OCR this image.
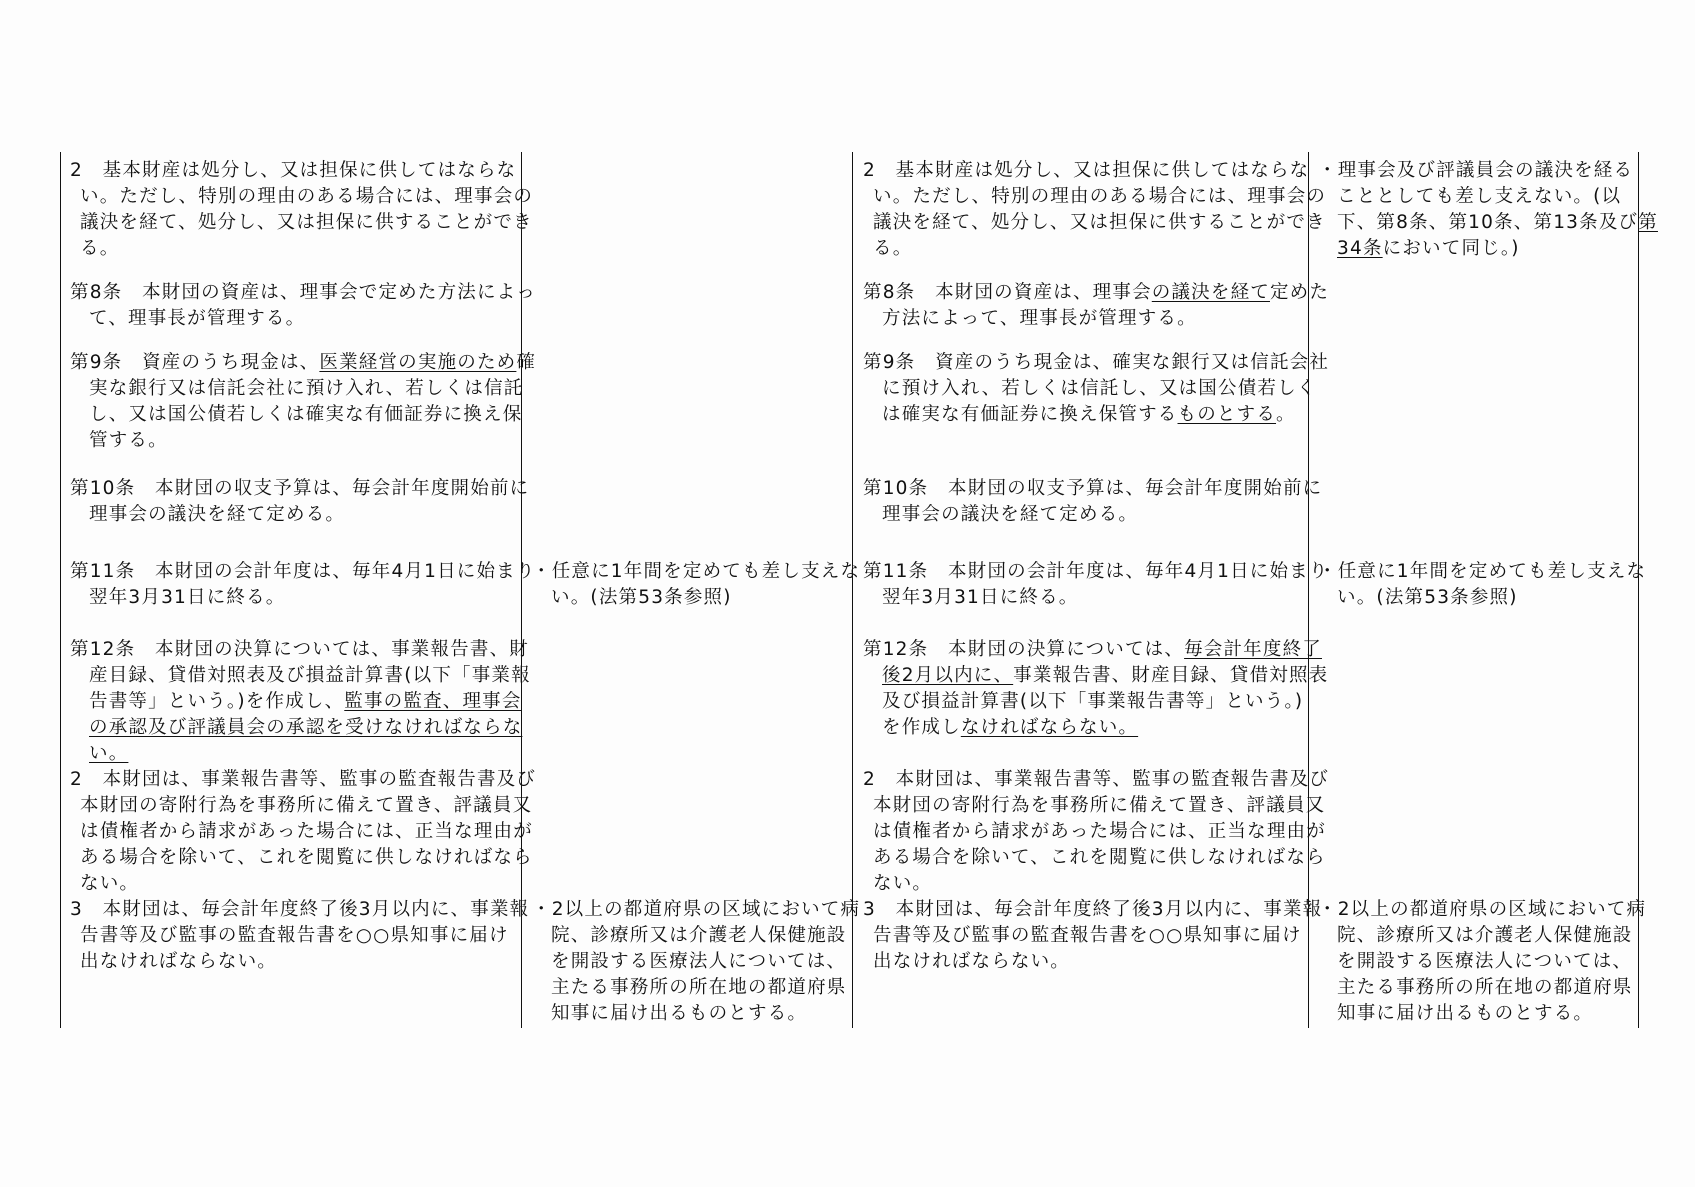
2　基本財産は処分し、又は担保に供してはならな
い。ただし、特別の理由のある場合には、理事会の
議決を経て、処分し、又は担保に供することができ
る。
第8条　本財団の資産は、理事会で定めた方法によっ
て、理事長が管理する。
第9条　資産のうち現金は、医業経営の実施のため確
実な銀行又は信託会社に預け入れ、若しくは信託
し、又は国公債若しくは確実な有価証券に換え保
管する。
第10条　本財団の収支予算は、毎会計年度開始前に
理事会の議決を経て定める。
第11条　本財団の会計年度は、毎年4月1日に始まり
翌年3月31日に終る。
第12条　本財団の決算については、事業報告書、財
産目録、貸借対照表及び損益計算書(以下「事業報
告書等」という。)を作成し、監事の監査、理事会
の承認及び評議員会の承認を受けなければならな
い。
2　本財団は、事業報告書等、監事の監査報告書及び
本財団の寄附行為を事務所に備えて置き、評議員又
は債権者から請求があった場合には、正当な理由が
ある場合を除いて、これを閲覧に供しなければなら
ない。
3　本財団は、毎会計年度終了後3月以内に、事業報
告書等及び監事の監査報告書を○○県知事に届け
出なければならない。
・任意に1年間を定めても差し支えな
い。(法第53条参照)
・2以上の都道府県の区域において病
院、診療所又は介護老人保健施設
を開設する医療法人については、
主たる事務所の所在地の都道府県
知事に届け出るものとする。
2　基本財産は処分し、又は担保に供してはならな
い。ただし、特別の理由のある場合には、理事会の
議決を経て、処分し、又は担保に供することができ
る。
第8条　本財団の資産は、理事会の議決を経て定めた
方法によって、理事長が管理する。
第9条　資産のうち現金は、確実な銀行又は信託会社
に預け入れ、若しくは信託し、又は国公債若しく
は確実な有価証券に換え保管するものとする。
第10条　本財団の収支予算は、毎会計年度開始前に
理事会の議決を経て定める。
第11条　本財団の会計年度は、毎年4月1日に始まり
翌年3月31日に終る。
第12条　本財団の決算については、毎会計年度終了
後2月以内に、事業報告書、財産目録、貸借対照表
及び損益計算書(以下「事業報告書等」という。)
を作成しなければならない。
2　本財団は、事業報告書等、監事の監査報告書及び
本財団の寄附行為を事務所に備えて置き、評議員又
は債権者から請求があった場合には、正当な理由が
ある場合を除いて、これを閲覧に供しなければなら
ない。
3　本財団は、毎会計年度終了後3月以内に、事業報
告書等及び監事の監査報告書を○○県知事に届け
出なければならない。
・理事会及び評議員会の議決を経る
こととしても差し支えない。(以
下、第8条、第10条、第13条及び第
34条において同じ。)
・任意に1年間を定めても差し支えな
い。(法第53条参照)
・2以上の都道府県の区域において病
院、診療所又は介護老人保健施設
を開設する医療法人については、
主たる事務所の所在地の都道府県
知事に届け出るものとする。
